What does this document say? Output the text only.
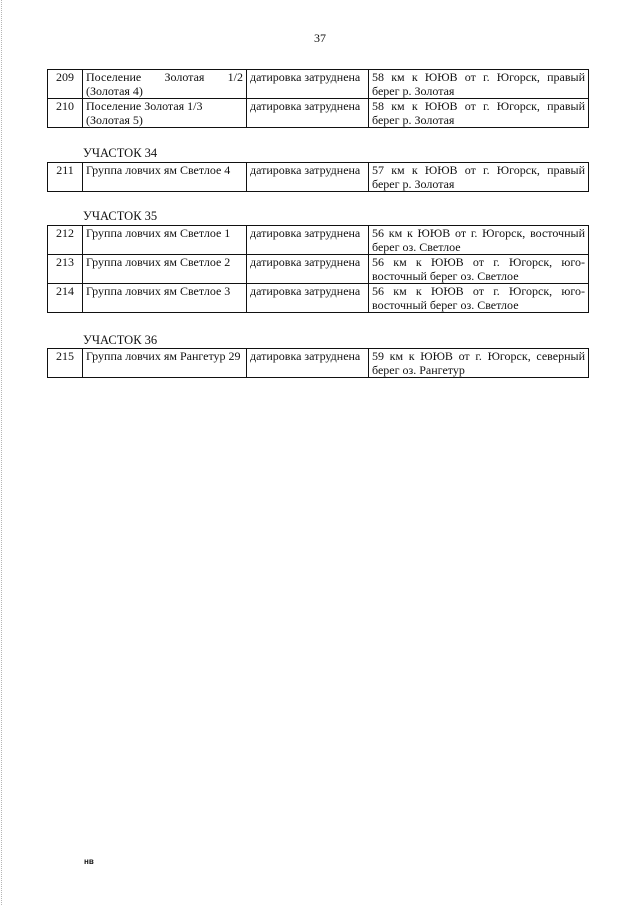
37
209	Поселение Золотая 1/2 (Золотая 4)	датировка затруднена	58 км к ЮЮВ от г. Югорск, правый берег р. Золотая
210	Поселение Золотая 1/3 (Золотая 5)	датировка затруднена	58 км к ЮЮВ от г. Югорск, правый берег р. Золотая
УЧАСТОК 34
211	Группа ловчих ям Светлое 4	датировка затруднена	57 км к ЮЮВ от г. Югорск, правый берег р. Золотая
УЧАСТОК 35
212	Группа ловчих ям Светлое 1	датировка затруднена	56 км к ЮЮВ от г. Югорск, восточный берег оз. Светлое
213	Группа ловчих ям Светлое 2	датировка затруднена	56 км к ЮЮВ от г. Югорск, юго-восточный берег оз. Светлое
214	Группа ловчих ям Светлое 3	датировка затруднена	56 км к ЮЮВ от г. Югорск, юго-восточный берег оз. Светлое
УЧАСТОК 36
215	Группа ловчих ям Рангетур 29	датировка затруднена	59 км к ЮЮВ от г. Югорск, северный берег оз. Рангетур
нв
